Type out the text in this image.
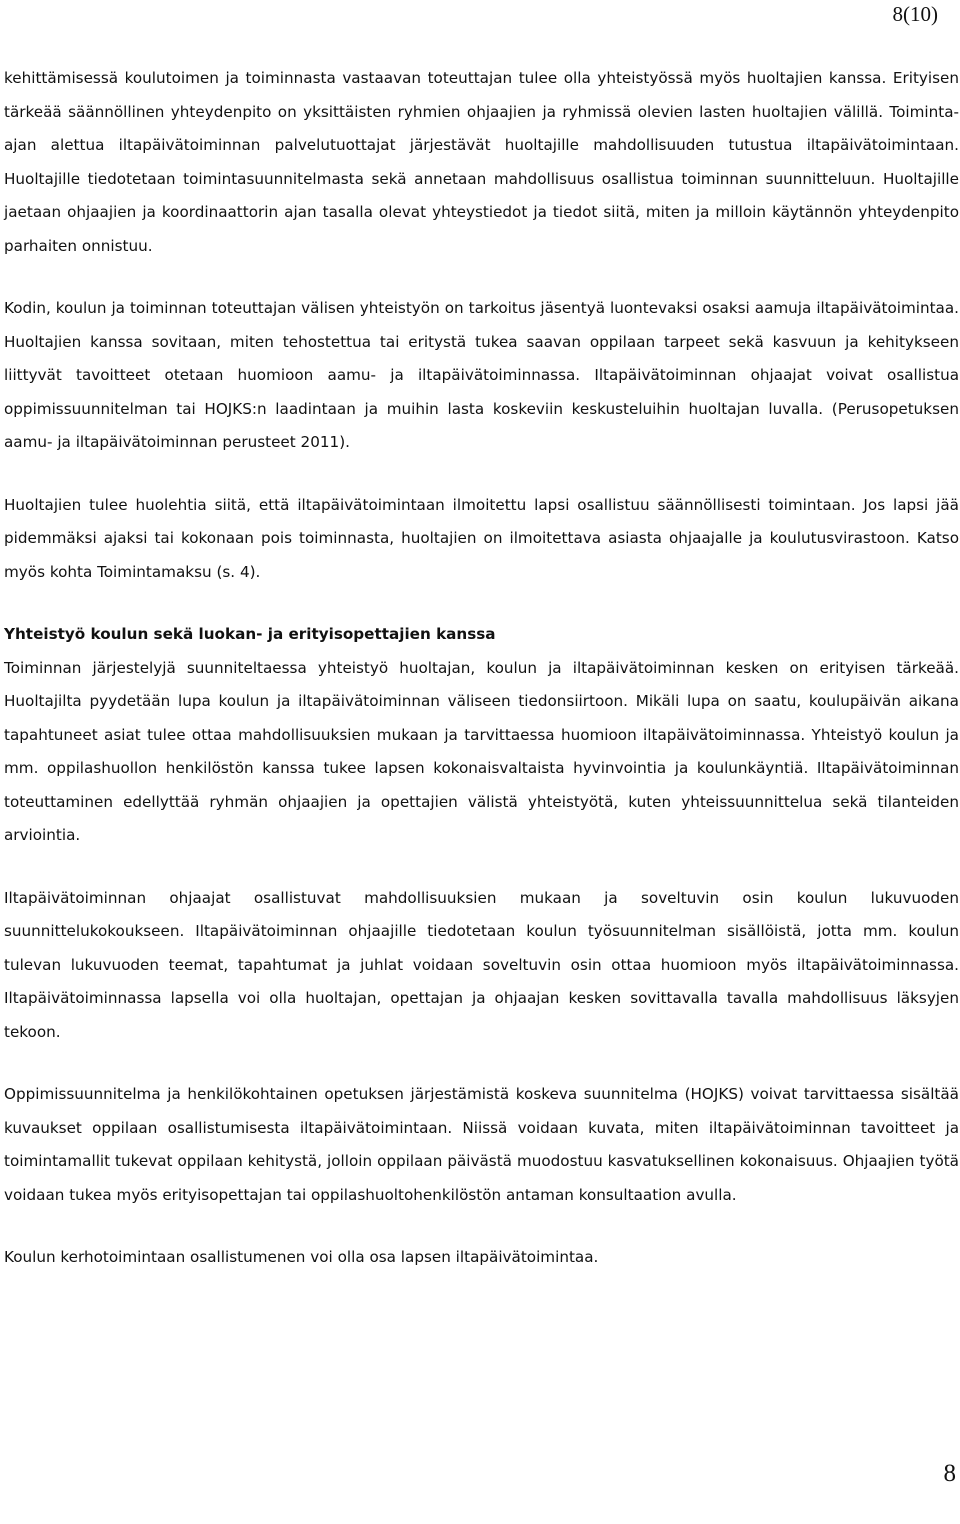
8(10)

kehittämisessä koulutoimen ja toiminnasta vastaavan toteuttajan tulee olla yhteistyössä myös huoltajien kanssa. Erityisen tärkeää säännöllinen yhteydenpito on yksittäisten ryhmien ohjaajien ja ryhmissä olevien lasten huoltajien välillä. Toiminta-ajan alettua iltapäivätoiminnan palvelutuottajat järjestävät huoltajille mahdollisuuden tutustua iltapäivätoimintaan. Huoltajille tiedotetaan toimintasuunnitelmasta sekä annetaan mahdollisuus osallistua toiminnan suunnitteluun. Huoltajille jaetaan ohjaajien ja koordinaattorin ajan tasalla olevat yhteystiedot ja tiedot siitä, miten ja milloin käytännön yhteydenpito parhaiten onnistuu.

Kodin, koulun ja toiminnan toteuttajan välisen yhteistyön on tarkoitus jäsentyä luontevaksi osaksi aamuja iltapäivätoimintaa. Huoltajien kanssa sovitaan, miten tehostettua tai eritystä tukea saavan oppilaan tarpeet sekä kasvuun ja kehitykseen liittyvät tavoitteet otetaan huomioon aamu- ja iltapäivätoiminnassa. Iltapäivätoiminnan ohjaajat voivat osallistua oppimissuunnitelman tai HOJKS:n laadintaan ja muihin lasta koskeviin keskusteluihin huoltajan luvalla. (Perusopetuksen aamu- ja iltapäivätoiminnan perusteet 2011).

Huoltajien tulee huolehtia siitä, että iltapäivätoimintaan ilmoitettu lapsi osallistuu säännöllisesti toimintaan. Jos lapsi jää pidemmäksi ajaksi tai kokonaan pois toiminnasta, huoltajien on ilmoitettava asiasta ohjaajalle ja koulutusvirastoon. Katso myös kohta Toimintamaksu (s. 4).

Yhteistyö koulun sekä luokan- ja erityisopettajien kanssa

Toiminnan järjestelyjä suunniteltaessa yhteistyö huoltajan, koulun ja iltapäivätoiminnan kesken on erityisen tärkeää. Huoltajilta pyydetään lupa koulun ja iltapäivätoiminnan väliseen tiedonsiirtoon. Mikäli lupa on saatu, koulupäivän aikana tapahtuneet asiat tulee ottaa mahdollisuuksien mukaan ja tarvittaessa huomioon iltapäivätoiminnassa. Yhteistyö koulun ja mm. oppilashuollon henkilöstön kanssa tukee lapsen kokonaisvaltaista hyvinvointia ja koulunkäyntiä. Iltapäivätoiminnan toteuttaminen edellyttää ryhmän ohjaajien ja opettajien välistä yhteistyötä, kuten yhteissuunnittelua sekä tilanteiden arviointia.

Iltapäivätoiminnan ohjaajat osallistuvat mahdollisuuksien mukaan ja soveltuvin osin koulun lukuvuoden suunnittelukokoukseen. Iltapäivätoiminnan ohjaajille tiedotetaan koulun työsuunnitelman sisällöistä, jotta mm. koulun tulevan lukuvuoden teemat, tapahtumat ja juhlat voidaan soveltuvin osin ottaa huomioon myös iltapäivätoiminnassa. Iltapäivätoiminnassa lapsella voi olla huoltajan, opettajan ja ohjaajan kesken sovittavalla tavalla mahdollisuus läksyjen tekoon.

Oppimissuunnitelma ja henkilökohtainen opetuksen järjestämistä koskeva suunnitelma (HOJKS) voivat tarvittaessa sisältää kuvaukset oppilaan osallistumisesta iltapäivätoimintaan. Niissä voidaan kuvata, miten iltapäivätoiminnan tavoitteet ja toimintamallit tukevat oppilaan kehitystä, jolloin oppilaan päivästä muodostuu kasvatuksellinen kokonaisuus. Ohjaajien työtä voidaan tukea myös erityisopettajan tai oppilashuoltohenkilöstön antaman konsultaation avulla.

Koulun kerhotoimintaan osallistumenen voi olla osa lapsen iltapäivätoimintaa.

8
